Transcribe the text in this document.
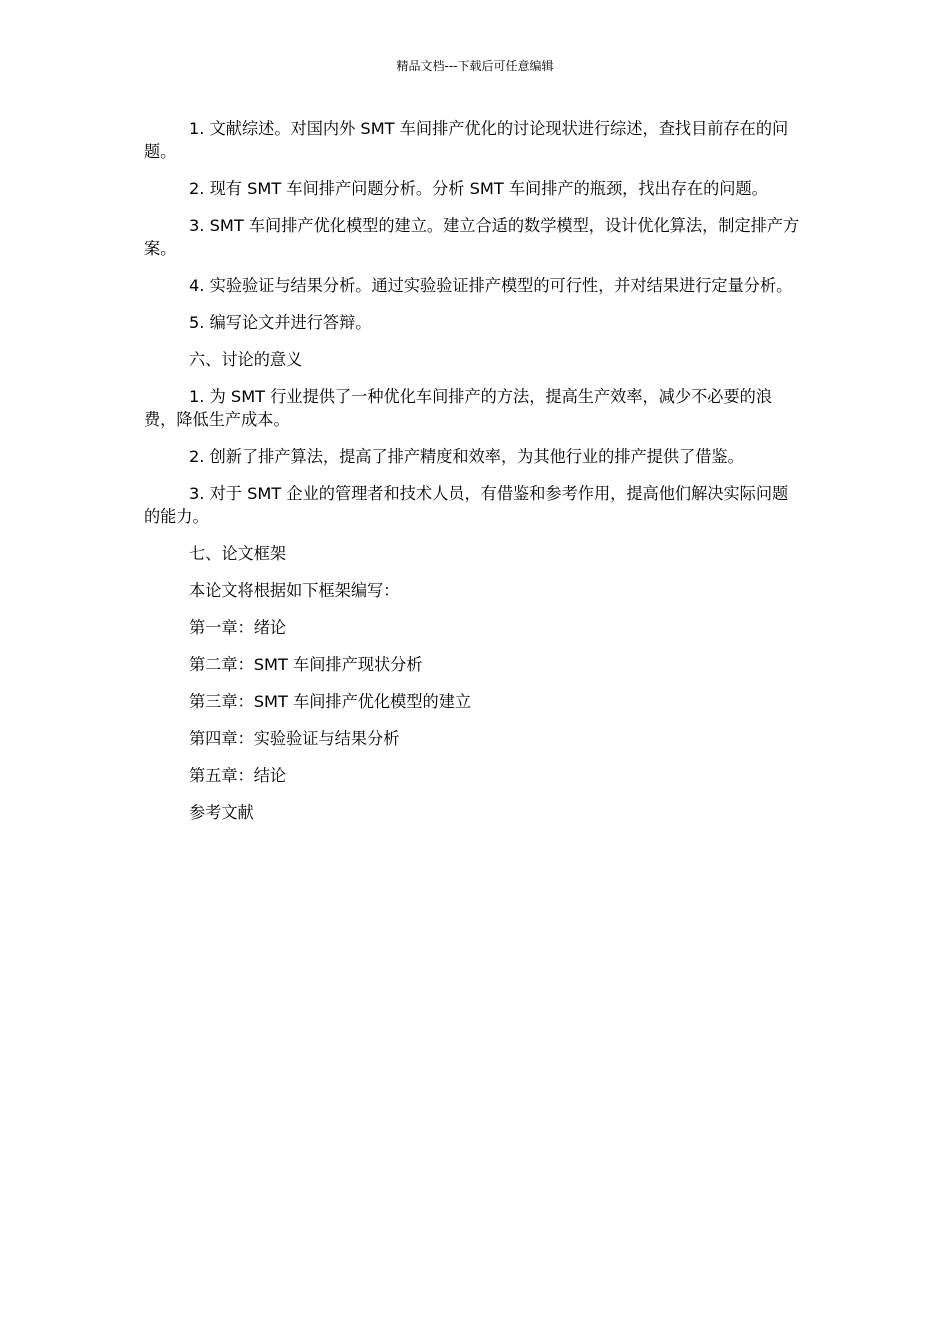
精品文档---下载后可任意编辑

1. 文献综述。对国内外 SMT 车间排产优化的讨论现状进行综述，查找目前存在的问题。

2. 现有 SMT 车间排产问题分析。分析 SMT 车间排产的瓶颈，找出存在的问题。

3. SMT 车间排产优化模型的建立。建立合适的数学模型，设计优化算法，制定排产方案。

4. 实验验证与结果分析。通过实验验证排产模型的可行性，并对结果进行定量分析。

5. 编写论文并进行答辩。

六、讨论的意义

1. 为 SMT 行业提供了一种优化车间排产的方法，提高生产效率，减少不必要的浪费，降低生产成本。

2. 创新了排产算法，提高了排产精度和效率，为其他行业的排产提供了借鉴。

3. 对于 SMT 企业的管理者和技术人员，有借鉴和参考作用，提高他们解决实际问题的能力。

七、论文框架

本论文将根据如下框架编写：

第一章：绪论

第二章：SMT 车间排产现状分析

第三章：SMT 车间排产优化模型的建立

第四章：实验验证与结果分析

第五章：结论

参考文献
